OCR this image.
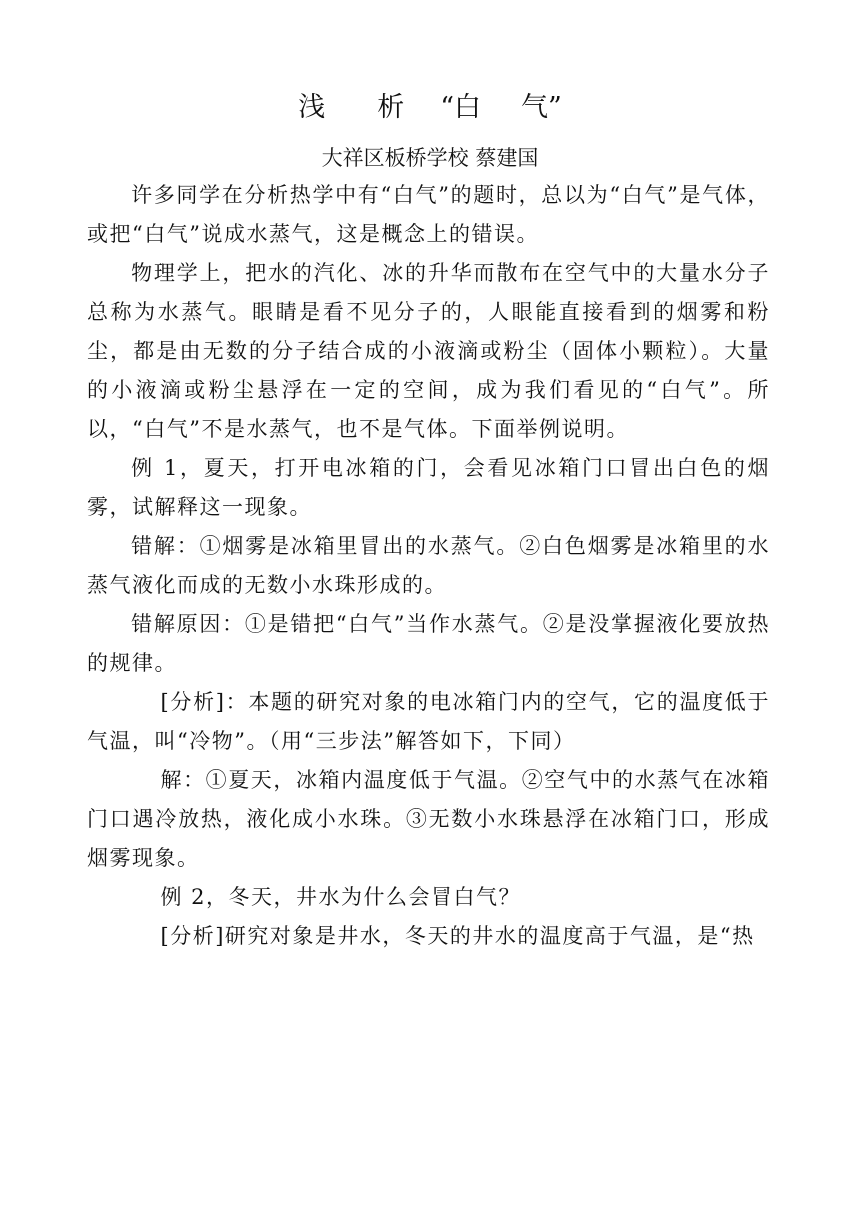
浅 析 “白 气”
大祥区板桥学校 蔡建国

许多同学在分析热学中有“白气”的题时，总以为“白气”是气体，或把“白气”说成水蒸气，这是概念上的错误。

物理学上，把水的汽化、冰的升华而散布在空气中的大量水分子总称为水蒸气。眼睛是看不见分子的，人眼能直接看到的烟雾和粉尘，都是由无数的分子结合成的小液滴或粉尘（固体小颗粒）。大量的小液滴或粉尘悬浮在一定的空间，成为我们看见的“白气”。所以，“白气”不是水蒸气，也不是气体。下面举例说明。

例 1，夏天，打开电冰箱的门，会看见冰箱门口冒出白色的烟雾，试解释这一现象。

错解：①烟雾是冰箱里冒出的水蒸气。②白色烟雾是冰箱里的水蒸气液化而成的无数小水珠形成的。

错解原因：①是错把“白气”当作水蒸气。②是没掌握液化要放热的规律。

[分析]：本题的研究对象的电冰箱门内的空气，它的温度低于气温，叫“冷物”。（用“三步法”解答如下，下同）

解：①夏天，冰箱内温度低于气温。②空气中的水蒸气在冰箱门口遇冷放热，液化成小水珠。③无数小水珠悬浮在冰箱门口，形成烟雾现象。

例 2，冬天，井水为什么会冒白气？

[分析]研究对象是井水，冬天的井水的温度高于气温，是“热
